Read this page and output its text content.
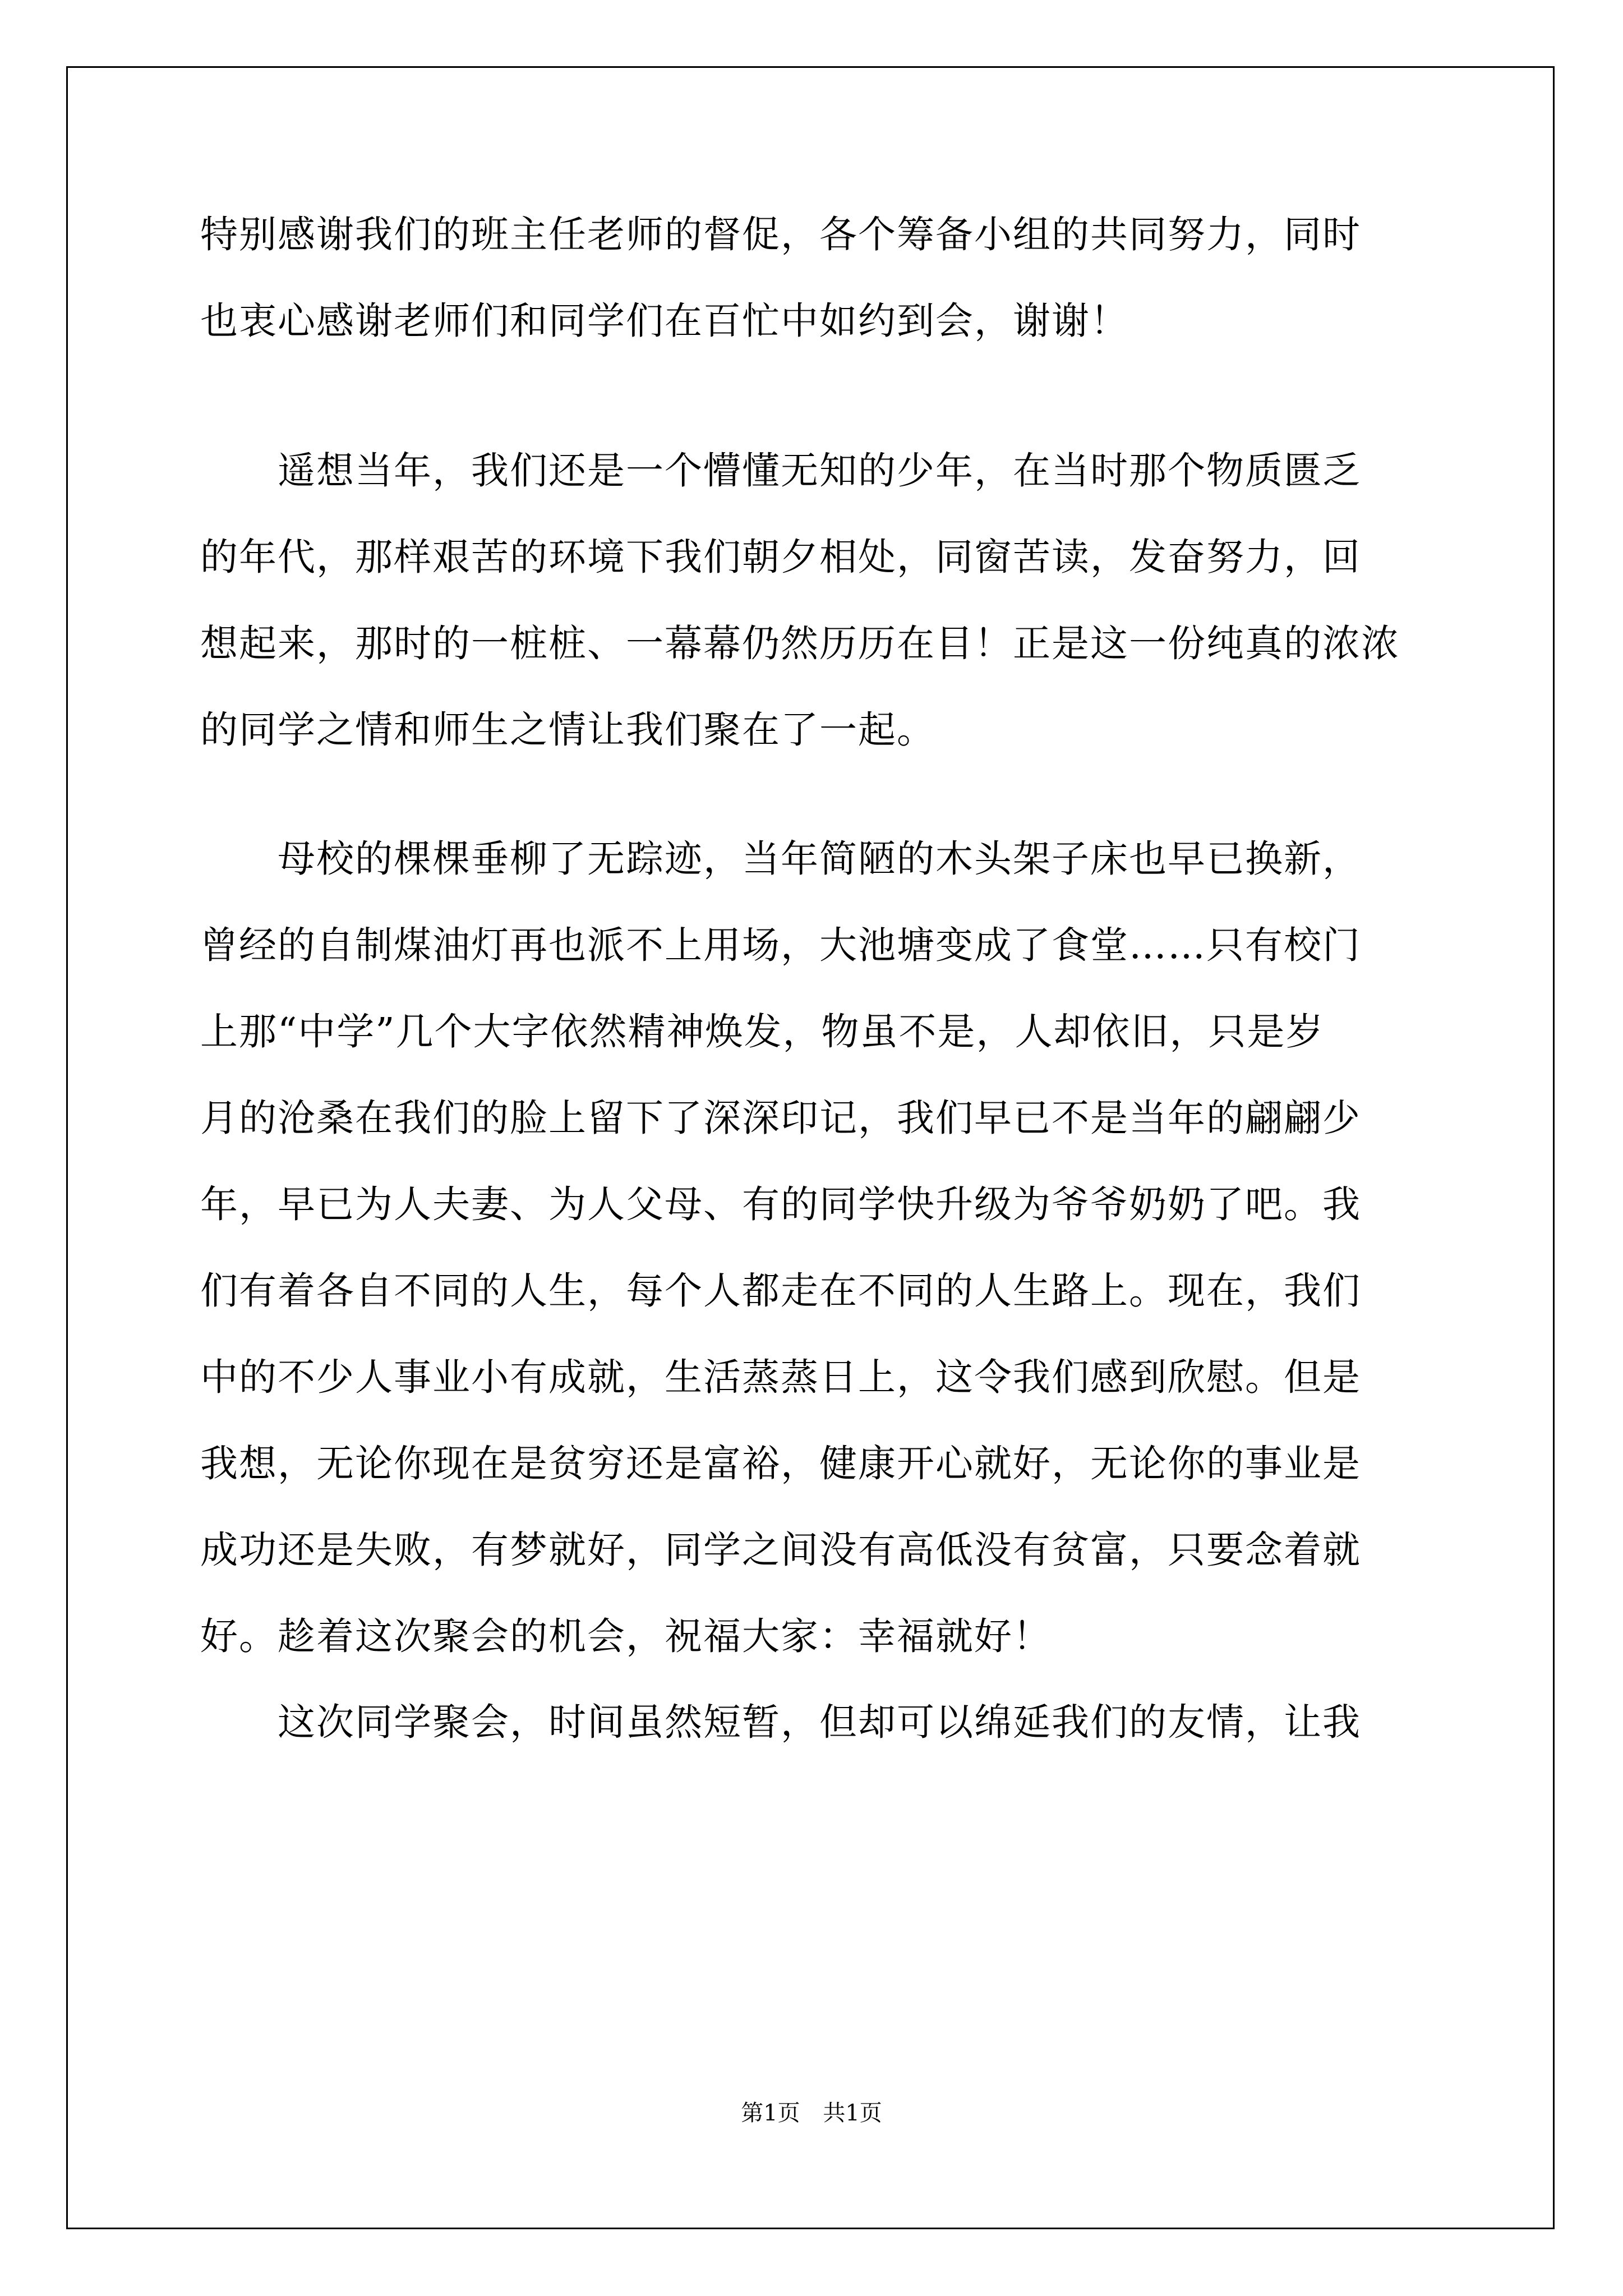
特别感谢我们的班主任老师的督促，各个筹备小组的共同努力，同时
也衷心感谢老师们和同学们在百忙中如约到会，谢谢！
　　遥想当年，我们还是一个懵懂无知的少年，在当时那个物质匮乏
的年代，那样艰苦的环境下我们朝夕相处，同窗苦读，发奋努力，回
想起来，那时的一桩桩、一幕幕仍然历历在目！正是这一份纯真的浓浓
的同学之情和师生之情让我们聚在了一起。
　　母校的棵棵垂柳了无踪迹，当年简陋的木头架子床也早已换新，
曾经的自制煤油灯再也派不上用场，大池塘变成了食堂……只有校门
上那“中学”几个大字依然精神焕发，物虽不是，人却依旧，只是岁
月的沧桑在我们的脸上留下了深深印记，我们早已不是当年的翩翩少
年，早已为人夫妻、为人父母、有的同学快升级为爷爷奶奶了吧。我
们有着各自不同的人生，每个人都走在不同的人生路上。现在，我们
中的不少人事业小有成就，生活蒸蒸日上，这令我们感到欣慰。但是
我想，无论你现在是贫穷还是富裕，健康开心就好，无论你的事业是
成功还是失败，有梦就好，同学之间没有高低没有贫富，只要念着就
好。趁着这次聚会的机会，祝福大家：幸福就好！
　　这次同学聚会，时间虽然短暂，但却可以绵延我们的友情，让我
第1页 共1页
